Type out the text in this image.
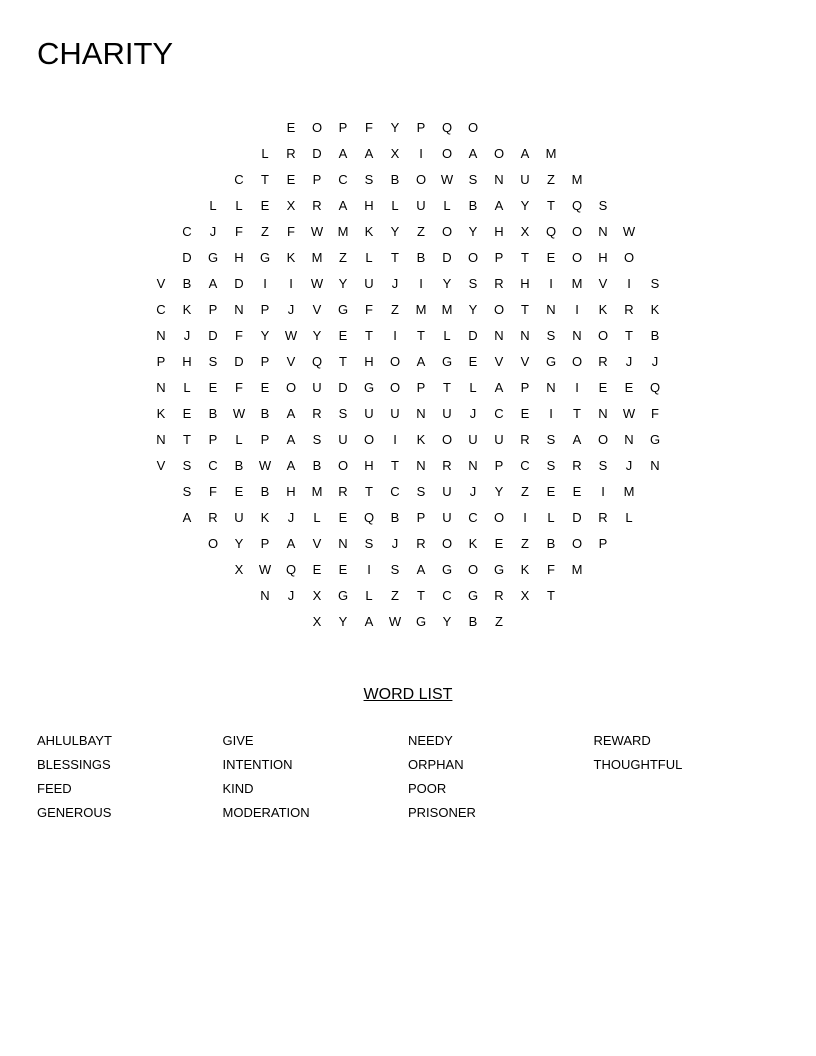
CHARITY
E	O	P	F	Y	P	Q	O
L	R	D	A	A	X	I	O	A	O	A	M
C	T	E	P	C	S	B	O	W	S	N	U	Z	M
L	L	E	X	R	A	H	L	U	L	B	A	Y	T	Q	S
C	J	F	Z	F	W	M	K	Y	Z	O	Y	H	X	Q	O	N	W
D	G	H	G	K	M	Z	L	T	B	D	O	P	T	E	O	H	O
V	B	A	D	I	I	W	Y	U	J	I	Y	S	R	H	I	M	V	I	S
C	K	P	N	P	J	V	G	F	Z	M	M	Y	O	T	N	I	K	R	K
N	J	D	F	Y	W	Y	E	T	I	T	L	D	N	N	S	N	O	T	B
P	H	S	D	P	V	Q	T	H	O	A	G	E	V	V	G	O	R	J	J
N	L	E	F	E	O	U	D	G	O	P	T	L	A	P	N	I	E	E	Q
K	E	B	W	B	A	R	S	U	U	N	U	J	C	E	I	T	N	W	F
N	T	P	L	P	A	S	U	O	I	K	O	U	U	R	S	A	O	N	G
V	S	C	B	W	A	B	O	H	T	N	R	N	P	C	S	R	S	J	N
S	F	E	B	H	M	R	T	C	S	U	J	Y	Z	E	E	I	M
A	R	U	K	J	L	E	Q	B	P	U	C	O	I	L	D	R	L
O	Y	P	A	V	N	S	J	R	O	K	E	Z	B	O	P
X	W	Q	E	E	I	S	A	G	O	G	K	F	M
N	J	X	G	L	Z	T	C	G	R	X	T
X	Y	A	W	G	Y	B	Z
WORD LIST
AHLULBAYT
BLESSINGS
FEED
GENEROUS
GIVE
INTENTION
KIND
MODERATION
NEEDY
ORPHAN
POOR
PRISONER
REWARD
THOUGHTFUL
